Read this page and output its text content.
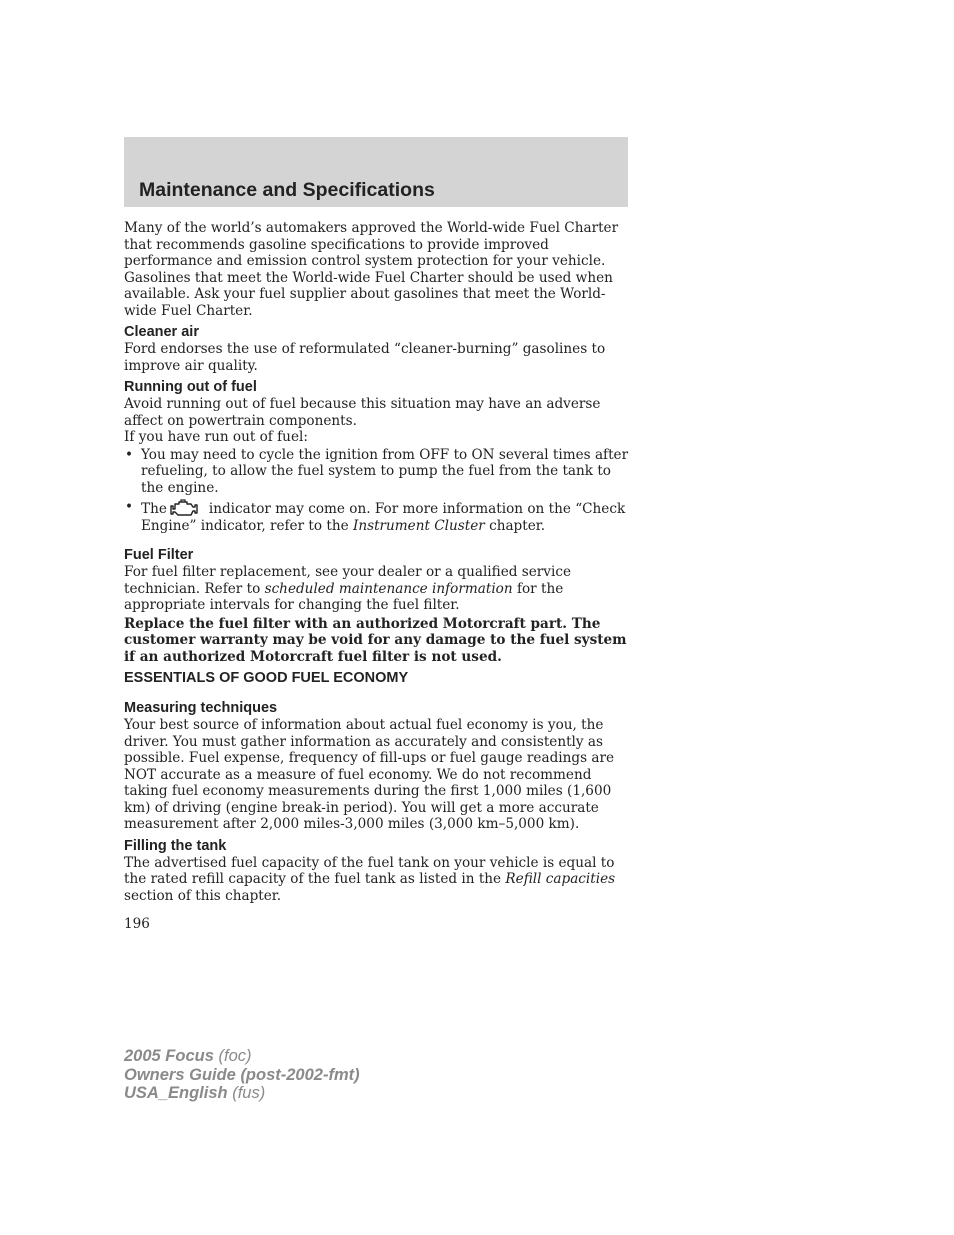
Maintenance and Specifications

Many of the world’s automakers approved the World-wide Fuel Charter that recommends gasoline specifications to provide improved performance and emission control system protection for your vehicle. Gasolines that meet the World-wide Fuel Charter should be used when available. Ask your fuel supplier about gasolines that meet the World-wide Fuel Charter.

Cleaner air

Ford endorses the use of reformulated “cleaner-burning” gasolines to improve air quality.

Running out of fuel

Avoid running out of fuel because this situation may have an adverse affect on powertrain components.

If you have run out of fuel:

• You may need to cycle the ignition from OFF to ON several times after refueling, to allow the fuel system to pump the fuel from the tank to the engine.
• The	indicator may come on. For more information on the “Check Engine” indicator, refer to the Instrument Cluster chapter.
Fuel Filter

For fuel filter replacement, see your dealer or a qualified service technician. Refer to scheduled maintenance information for the appropriate intervals for changing the fuel filter.

Replace the fuel filter with an authorized Motorcraft part. The customer warranty may be void for any damage to the fuel system if an authorized Motorcraft fuel filter is not used.

ESSENTIALS OF GOOD FUEL ECONOMY
Measuring techniques

Your best source of information about actual fuel economy is you, the driver. You must gather information as accurately and consistently as possible. Fuel expense, frequency of fill-ups or fuel gauge readings are NOT accurate as a measure of fuel economy. We do not recommend taking fuel economy measurements during the first 1,000 miles (1,600 km) of driving (engine break-in period). You will get a more accurate measurement after 2,000 miles-3,000 miles (3,000 km–5,000 km).

Filling the tank

The advertised fuel capacity of the fuel tank on your vehicle is equal to the rated refill capacity of the fuel tank as listed in the Refill capacities section of this chapter.

196

2005 Focus (foc)
Owners Guide (post-2002-fmt)
USA_English (fus)
